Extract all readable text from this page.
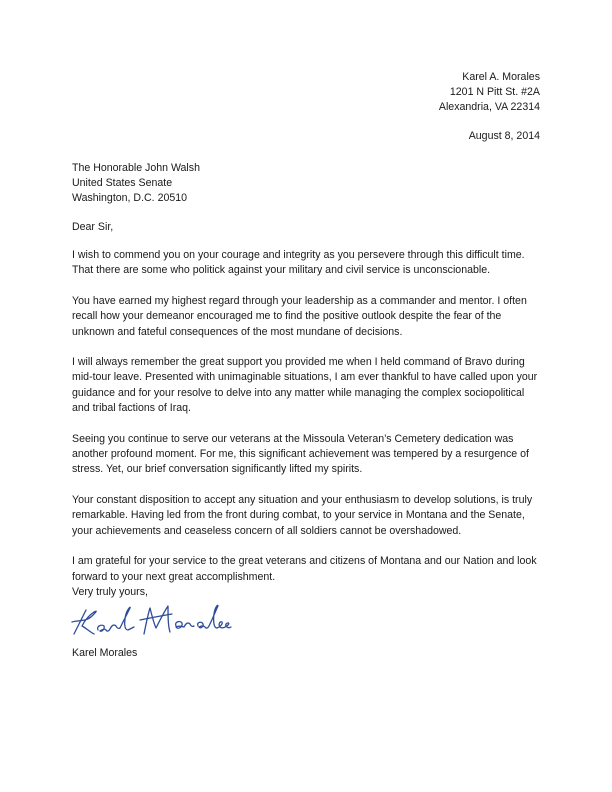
Karel A. Morales
1201 N Pitt St. #2A
Alexandria, VA 22314
August 8, 2014
The Honorable John Walsh
United States Senate
Washington, D.C. 20510
Dear Sir,

I wish to commend you on your courage and integrity as you persevere through this difficult time. That there are some who politick against your military and civil service is unconscionable.

You have earned my highest regard through your leadership as a commander and mentor. I often recall how your demeanor encouraged me to find the positive outlook despite the fear of the unknown and fateful consequences of the most mundane of decisions.

I will always remember the great support you provided me when I held command of Bravo during mid-tour leave. Presented with unimaginable situations, I am ever thankful to have called upon your guidance and for your resolve to delve into any matter while managing the complex sociopolitical and tribal factions of Iraq.

Seeing you continue to serve our veterans at the Missoula Veteran’s Cemetery dedication was another profound moment. For me, this significant achievement was tempered by a resurgence of stress. Yet, our brief conversation significantly lifted my spirits.

Your constant disposition to accept any situation and your enthusiasm to develop solutions, is truly remarkable. Having led from the front during combat, to your service in Montana and the Senate, your achievements and ceaseless concern of all soldiers cannot be overshadowed.

I am grateful for your service to the great veterans and citizens of Montana and our Nation and look forward to your next great accomplishment.

Very truly yours,
Karel Morales
